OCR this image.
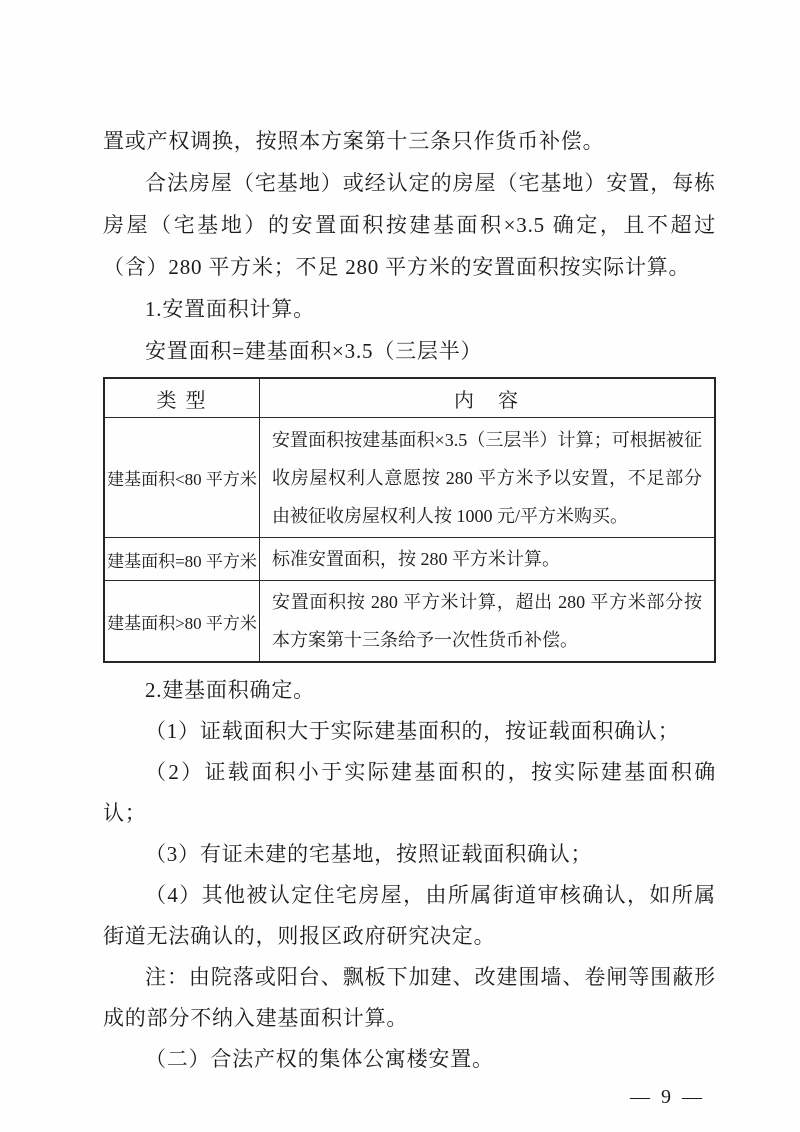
置或产权调换，按照本方案第十三条只作货币补偿。

合法房屋（宅基地）或经认定的房屋（宅基地）安置，每栋房屋（宅基地）的安置面积按建基面积×3.5 确定，且不超过（含）280 平方米；不足 280 平方米的安置面积按实际计算。

1.安置面积计算。

安置面积=建基面积×3.5（三层半）

类 型	内　容
建基面积<80 平方米	安置面积按建基面积×3.5（三层半）计算；可根据被征收房屋权利人意愿按 280 平方米予以安置，不足部分由被征收房屋权利人按 1000 元/平方米购买。
建基面积=80 平方米	标准安置面积，按 280 平方米计算。
建基面积>80 平方米	安置面积按 280 平方米计算，超出 280 平方米部分按本方案第十三条给予一次性货币补偿。

2.建基面积确定。

（1）证载面积大于实际建基面积的，按证载面积确认；

（2）证载面积小于实际建基面积的，按实际建基面积确认；

（3）有证未建的宅基地，按照证载面积确认；

（4）其他被认定住宅房屋，由所属街道审核确认，如所属街道无法确认的，则报区政府研究决定。

注：由院落或阳台、飘板下加建、改建围墙、卷闸等围蔽形成的部分不纳入建基面积计算。

（二）合法产权的集体公寓楼安置。

— 9 —
